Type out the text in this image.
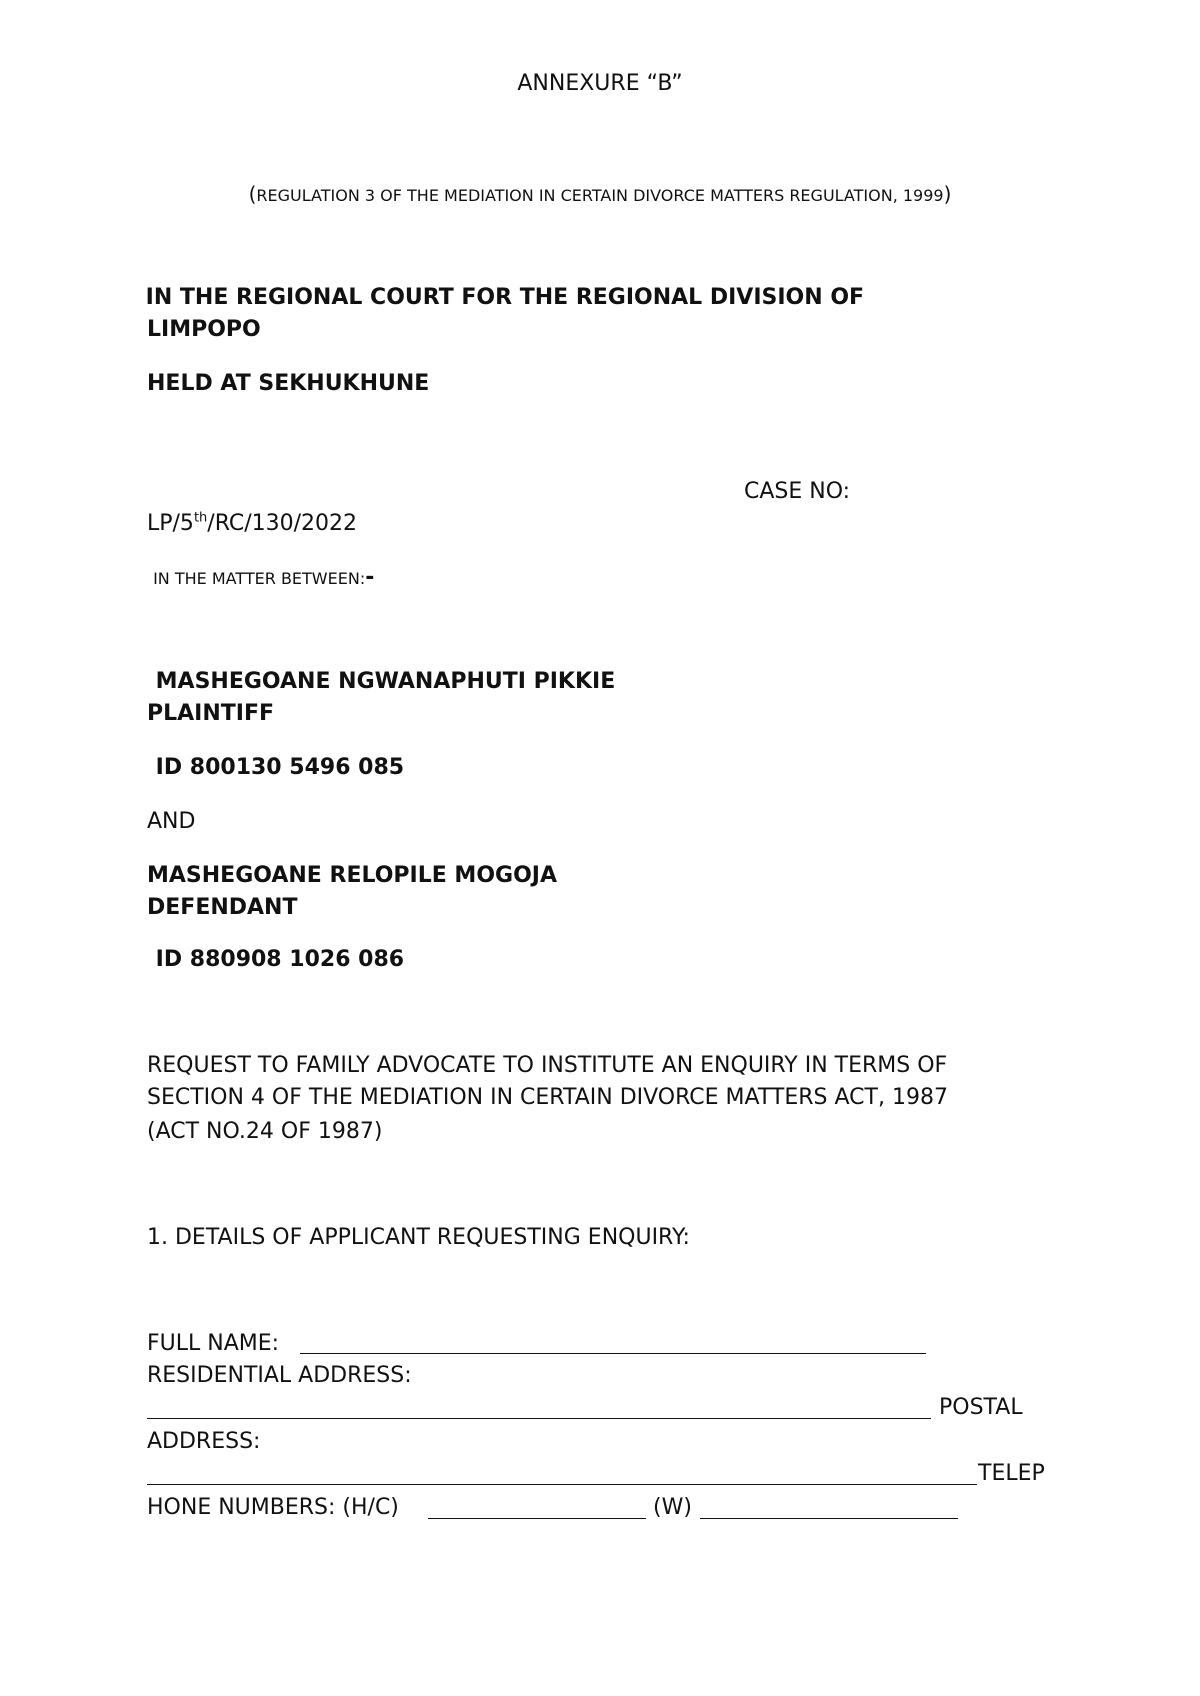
ANNEXURE “B”
(REGULATION 3 OF THE MEDIATION IN CERTAIN DIVORCE MATTERS REGULATION, 1999)
IN THE REGIONAL COURT FOR THE REGIONAL DIVISION OF
LIMPOPO
HELD AT SEKHUKHUNE
CASE NO:
LP/5th/RC/130/2022
IN THE MATTER BETWEEN:-
MASHEGOANE NGWANAPHUTI PIKKIE
PLAINTIFF
ID 800130 5496 085
AND
MASHEGOANE RELOPILE MOGOJA
DEFENDANT
ID 880908 1026 086
REQUEST TO FAMILY ADVOCATE TO INSTITUTE AN ENQUIRY IN TERMS OF
SECTION 4 OF THE MEDIATION IN CERTAIN DIVORCE MATTERS ACT, 1987
(ACT NO.24 OF 1987)
1. DETAILS OF APPLICANT REQUESTING ENQUIRY:
FULL NAME:
RESIDENTIAL ADDRESS:
POSTAL
ADDRESS:
TELEP
HONE NUMBERS: (H/C)	(W)
